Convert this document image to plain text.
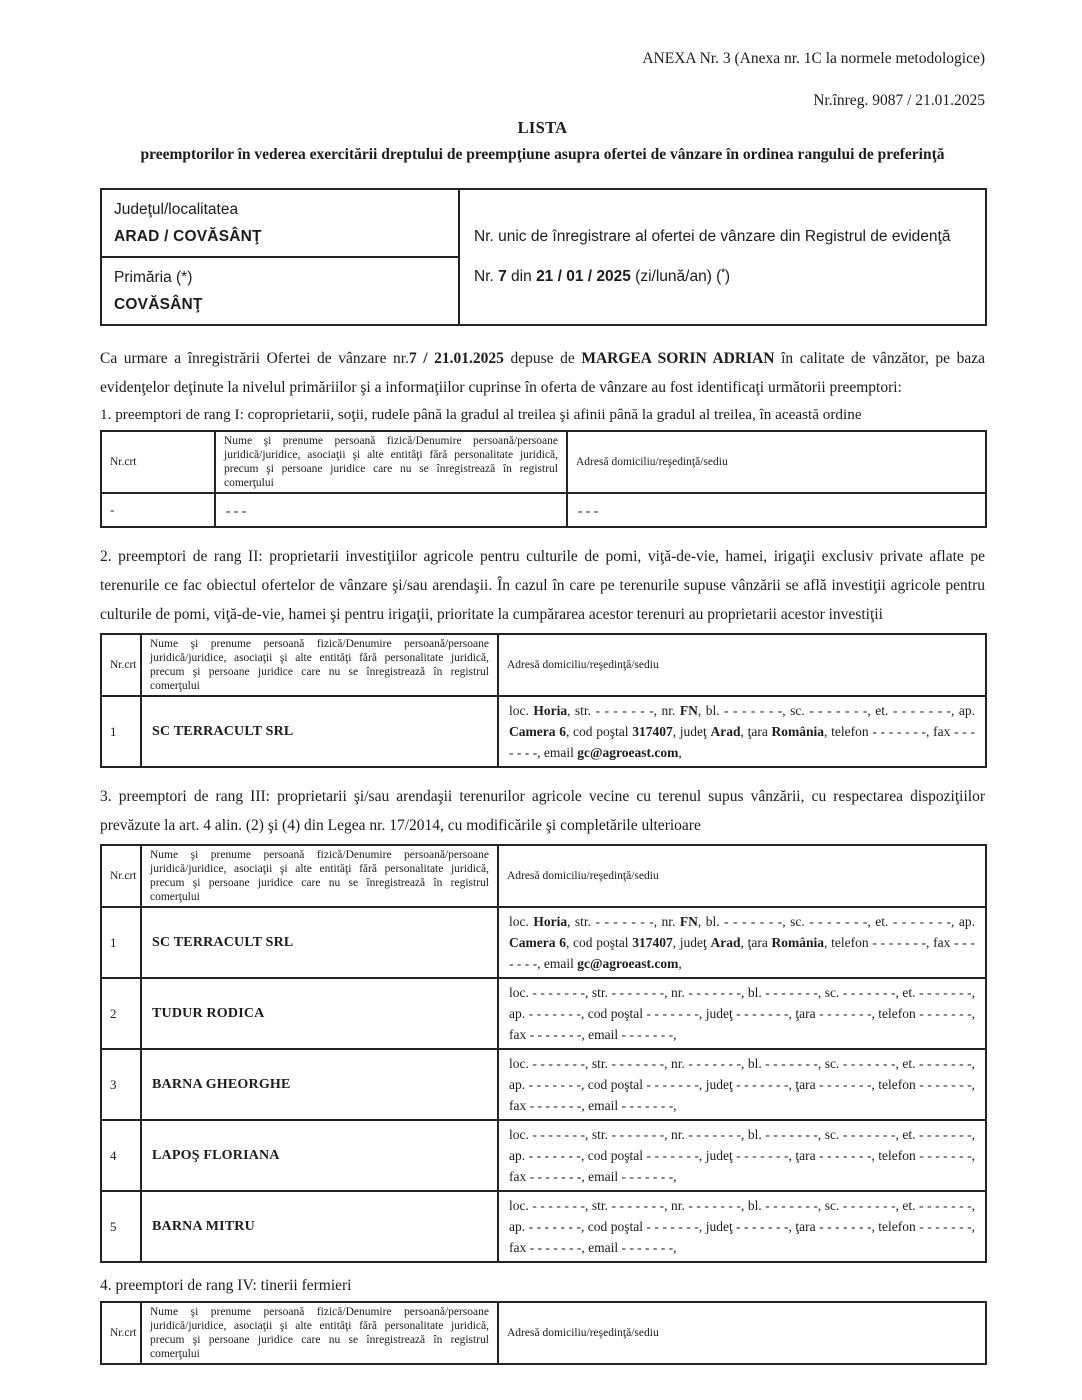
ANEXA Nr. 3 (Anexa nr. 1C la normele metodologice)
Nr.înreg. 9087 / 21.01.2025
LISTA
preemptorilor în vederea exercitării dreptului de preempţiune asupra ofertei de vânzare în ordinea rangului de preferinţă
Judeţul/localitatea
ARAD / COVĂSÂNŢ	Nr. unic de înregistrare al ofertei de vânzare din Registrul de evidenţă
Nr. 7 din 21 / 01 / 2025 (zi/lună/an) (*)

Primăria (*)
COVĂSÂNŢ
Ca urmare a înregistrării Ofertei de vânzare nr.7 / 21.01.2025 depuse de MARGEA SORIN ADRIAN în calitate de vânzător, pe baza evidenţelor deţinute la nivelul primăriilor şi a informaţiilor cuprinse în oferta de vânzare au fost identificaţi următorii preemptori:
1. preemptori de rang I: coproprietarii, soţii, rudele până la gradul al treilea şi afinii până la gradul al treilea, în această ordine
Nr.crt	Nume şi prenume persoană fizică/Denumire persoană/persoane juridică/juridice, asociaţii şi alte entităţi fără personalitate juridică, precum şi persoane juridice care nu se înregistrează în registrul comerţului	Adresă domiciliu/reşedinţă/sediu
-	- - -	- - -
2. preemptori de rang II: proprietarii investiţiilor agricole pentru culturile de pomi, viţă-de-vie, hamei, irigaţii exclusiv private aflate pe terenurile ce fac obiectul ofertelor de vânzare şi/sau arendaşii. În cazul în care pe terenurile supuse vânzării se află investiţii agricole pentru culturile de pomi, viţă-de-vie, hamei şi pentru irigaţii, prioritate la cumpărarea acestor terenuri au proprietarii acestor investiţii
Nr.crt	Nume şi prenume persoană fizică/Denumire persoană/persoane juridică/juridice, asociaţii şi alte entităţi fără personalitate juridică, precum şi persoane juridice care nu se înregistrează în registrul comerţului	Adresă domiciliu/reşedinţă/sediu
1	SC TERRACULT SRL	loc. Horia, str. - - - - - - -, nr. FN, bl. - - - - - - -, sc. - - - - - - -, et. - - - - - - -, ap. Camera 6, cod poştal 317407, judeţ Arad, ţara România, telefon - - - - - - -, fax - - - - - - -, email gc@agroeast.com,
3. preemptori de rang III: proprietarii şi/sau arendaşii terenurilor agricole vecine cu terenul supus vânzării, cu respectarea dispoziţiilor prevăzute la art. 4 alin. (2) şi (4) din Legea nr. 17/2014, cu modificările şi completările ulterioare
Nr.crt	Nume şi prenume persoană fizică/Denumire persoană/persoane juridică/juridice, asociaţii şi alte entităţi fără personalitate juridică, precum şi persoane juridice care nu se înregistrează în registrul comerţului	Adresă domiciliu/reşedinţă/sediu
1	SC TERRACULT SRL	loc. Horia, str. - - - - - - -, nr. FN, bl. - - - - - - -, sc. - - - - - - -, et. - - - - - - -, ap. Camera 6, cod poştal 317407, judeţ Arad, ţara România, telefon - - - - - - -, fax - - - - - - -, email gc@agroeast.com,
2	TUDUR RODICA	loc. - - - - - - -, str. - - - - - - -, nr. - - - - - - -, bl. - - - - - - -, sc. - - - - - - -, et. - - - - - - -, ap. - - - - - - -, cod poştal - - - - - - -, judeţ - - - - - - -, ţara - - - - - - -, telefon - - - - - - -, fax - - - - - - -, email - - - - - - -,
3	BARNA GHEORGHE	loc. - - - - - - -, str. - - - - - - -, nr. - - - - - - -, bl. - - - - - - -, sc. - - - - - - -, et. - - - - - - -, ap. - - - - - - -, cod poştal - - - - - - -, judeţ - - - - - - -, ţara - - - - - - -, telefon - - - - - - -, fax - - - - - - -, email - - - - - - -,
4	LAPOŞ FLORIANA	loc. - - - - - - -, str. - - - - - - -, nr. - - - - - - -, bl. - - - - - - -, sc. - - - - - - -, et. - - - - - - -, ap. - - - - - - -, cod poştal - - - - - - -, judeţ - - - - - - -, ţara - - - - - - -, telefon - - - - - - -, fax - - - - - - -, email - - - - - - -,
5	BARNA MITRU	loc. - - - - - - -, str. - - - - - - -, nr. - - - - - - -, bl. - - - - - - -, sc. - - - - - - -, et. - - - - - - -, ap. - - - - - - -, cod poştal - - - - - - -, judeţ - - - - - - -, ţara - - - - - - -, telefon - - - - - - -, fax - - - - - - -, email - - - - - - -,
4. preemptori de rang IV: tinerii fermieri
Nr.crt	Nume şi prenume persoană fizică/Denumire persoană/persoane juridică/juridice, asociaţii şi alte entităţi fără personalitate juridică, precum şi persoane juridice care nu se înregistrează în registrul comerţului	Adresă domiciliu/reşedinţă/sediu
